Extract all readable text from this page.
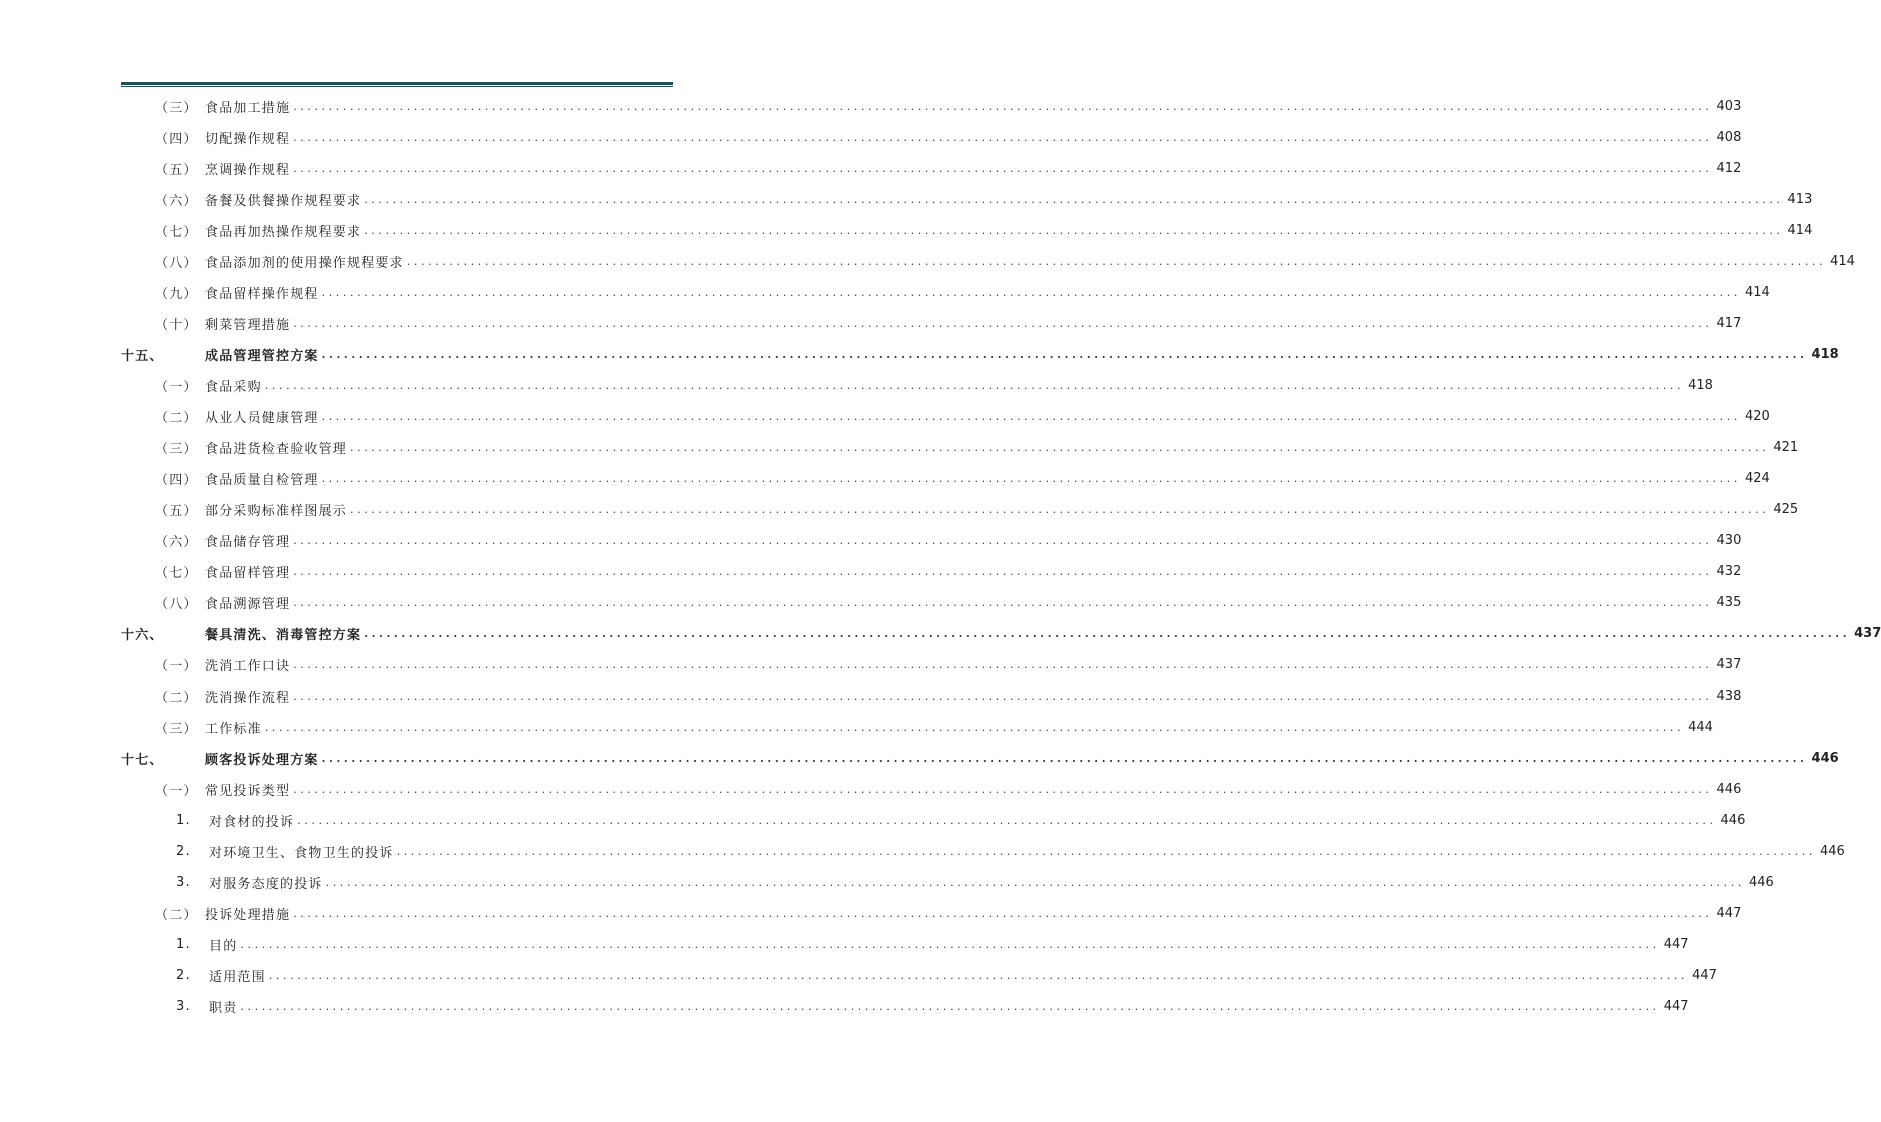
（三） 食品加工措施 ........................................................................................................................................................................................................ 403
（四） 切配操作规程 ........................................................................................................................................................................................................ 408
（五） 烹调操作规程 ........................................................................................................................................................................................................ 412
（六） 备餐及供餐操作规程要求 ........................................................................................................................................................................................................ 413
（七） 食品再加热操作规程要求 ........................................................................................................................................................................................................ 414
（八） 食品添加剂的使用操作规程要求 ........................................................................................................................................................................................................ 414
（九） 食品留样操作规程 ........................................................................................................................................................................................................ 414
（十） 剩菜管理措施 ........................................................................................................................................................................................................ 417
十五、	成品管理管控方案 ........................................................................................................................................................................................................ 418
（一） 食品采购 ........................................................................................................................................................................................................ 418
（二） 从业人员健康管理 ........................................................................................................................................................................................................ 420
（三） 食品进货检查验收管理 ........................................................................................................................................................................................................ 421
（四） 食品质量自检管理 ........................................................................................................................................................................................................ 424
（五） 部分采购标准样图展示 ........................................................................................................................................................................................................ 425
（六） 食品储存管理 ........................................................................................................................................................................................................ 430
（七） 食品留样管理 ........................................................................................................................................................................................................ 432
（八） 食品溯源管理 ........................................................................................................................................................................................................ 435
十六、	餐具清洗、消毒管控方案 ........................................................................................................................................................................................................ 437
（一） 洗消工作口诀 ........................................................................................................................................................................................................ 437
（二） 洗消操作流程 ........................................................................................................................................................................................................ 438
（三） 工作标准 ........................................................................................................................................................................................................ 444
十七、	顾客投诉处理方案 ........................................................................................................................................................................................................ 446
（一） 常见投诉类型 ........................................................................................................................................................................................................ 446
1.	对食材的投诉 ........................................................................................................................................................................................................ 446
2.	对环境卫生、食物卫生的投诉 ........................................................................................................................................................................................................ 446
3.	对服务态度的投诉 ........................................................................................................................................................................................................ 446
（二） 投诉处理措施 ........................................................................................................................................................................................................ 447
1.	目的 ........................................................................................................................................................................................................ 447
2.	适用范围 ........................................................................................................................................................................................................ 447
3.	职责 ........................................................................................................................................................................................................ 447
